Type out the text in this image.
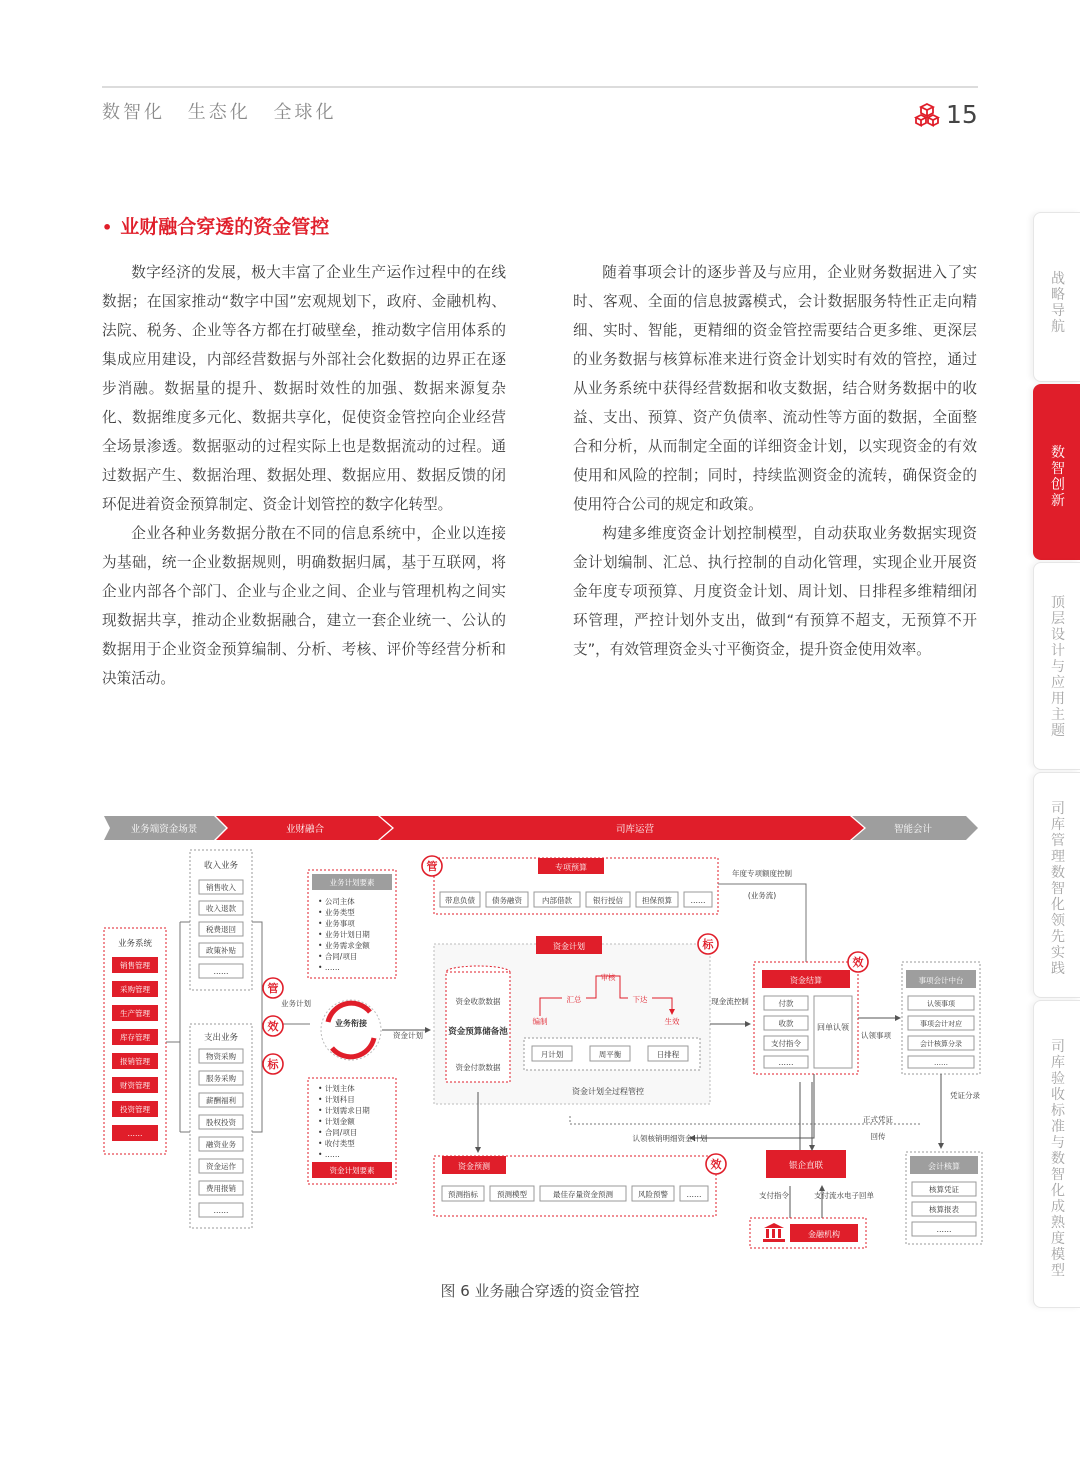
数智化 生态化 全球化	15
• 业财融合穿透的资金管控

数字经济的发展，极大丰富了企业生产运作过程中的在线数据；在国家推动“数字中国”宏观规划下，政府、金融机构、法院、税务、企业等各方都在打破壁垒，推动数字信用体系的集成应用建设，内部经营数据与外部社会化数据的边界正在逐步消融。数据量的提升、数据时效性的加强、数据来源复杂化、数据维度多元化、数据共享化，促使资金管控向企业经营全场景渗透。数据驱动的过程实际上也是数据流动的过程。通过数据产生、数据治理、数据处理、数据应用、数据反馈的闭环促进着资金预算制定、资金计划管控的数字化转型。

企业各种业务数据分散在不同的信息系统中，企业以连接为基础，统一企业数据规则，明确数据归属，基于互联网，将企业内部各个部门、企业与企业之间、企业与管理机构之间实现数据共享，推动企业数据融合，建立一套企业统一、公认的数据用于企业资金预算编制、分析、考核、评价等经营分析和决策活动。

随着事项会计的逐步普及与应用，企业财务数据进入了实时、客观、全面的信息披露模式，会计数据服务特性正走向精细、实时、智能，更精细的资金管控需要结合更多维、更深层的业务数据与核算标准来进行资金计划实时有效的管控，通过从业务系统中获得经营数据和收支数据，结合财务数据中的收益、支出、预算、资产负债率、流动性等方面的数据，全面整合和分析，从而制定全面的详细资金计划，以实现资金的有效使用和风险的控制；同时，持续监测资金的流转，确保资金的使用符合公司的规定和政策。

构建多维度资金计划控制模型，自动获取业务数据实现资金计划编制、汇总、执行控制的自动化管理，实现企业开展资金年度专项预算、月度资金计划、周计划、日排程多维精细闭环管理，严控计划外支出，做到“有预算不超支，无预算不开支”，有效管理资金头寸平衡资金，提升资金使用效率。

战
略
导
航
数
智
创
新
顶
层
设
计
与
应
用
主
题
司
库
管
理
数
智
化
领
先
实
践
司
库
验
收
标
准
与
数
智
化
成
熟
度
模
型
业务端资金场景	业财融合	司库运营	智能会计
业务系统
销售管理
采购管理
生产管理
库存管理
报销管理
财资管理
投资管理
……
收入业务
销售收入
收入退款
税费退回
政策补贴
……
支出业务
物资采购
服务采购
薪酬福利
股权投资
融资业务
资金运作
费用报销
……
管
效
标
业务计划
业务计划要素
• 公司主体
• 业务类型
• 业务事项
• 业务计划日期
• 业务需求金额
• 合同/项目
• ……
业务衔接
• 计划主体
• 计划科目
• 计划需求日期
• 计划金额
• 合同/项目
• 收付类型
• ……
资金计划要素
资金计划
管	专项预算
带息负债 债务融资	内部借款	银行授信	担保预算 ……
年度专项额度控制
(业务流)
资金计划	标
资金收款数据
资金预算储备池
资金付款数据
编制
汇总
审核
下达
生效
月计划	周平衡	日排程
资金计划全过程管控
现金流控制
资金结算
效
付款
收款
支付指令
……
回单认领
认领事项
事项会计中台
认领事项
事项会计对应
会计核算分录
……
凭证分录
正式凭证
回传
认领核销明细资金计划
资金预测	效
预测指标	预测模型	最佳存量资金预测	风险预警 ……
银企直联
支付指令	支付流水电子回单
金融机构
会计核算
核算凭证
核算报表
……
图 6 业务融合穿透的资金管控
